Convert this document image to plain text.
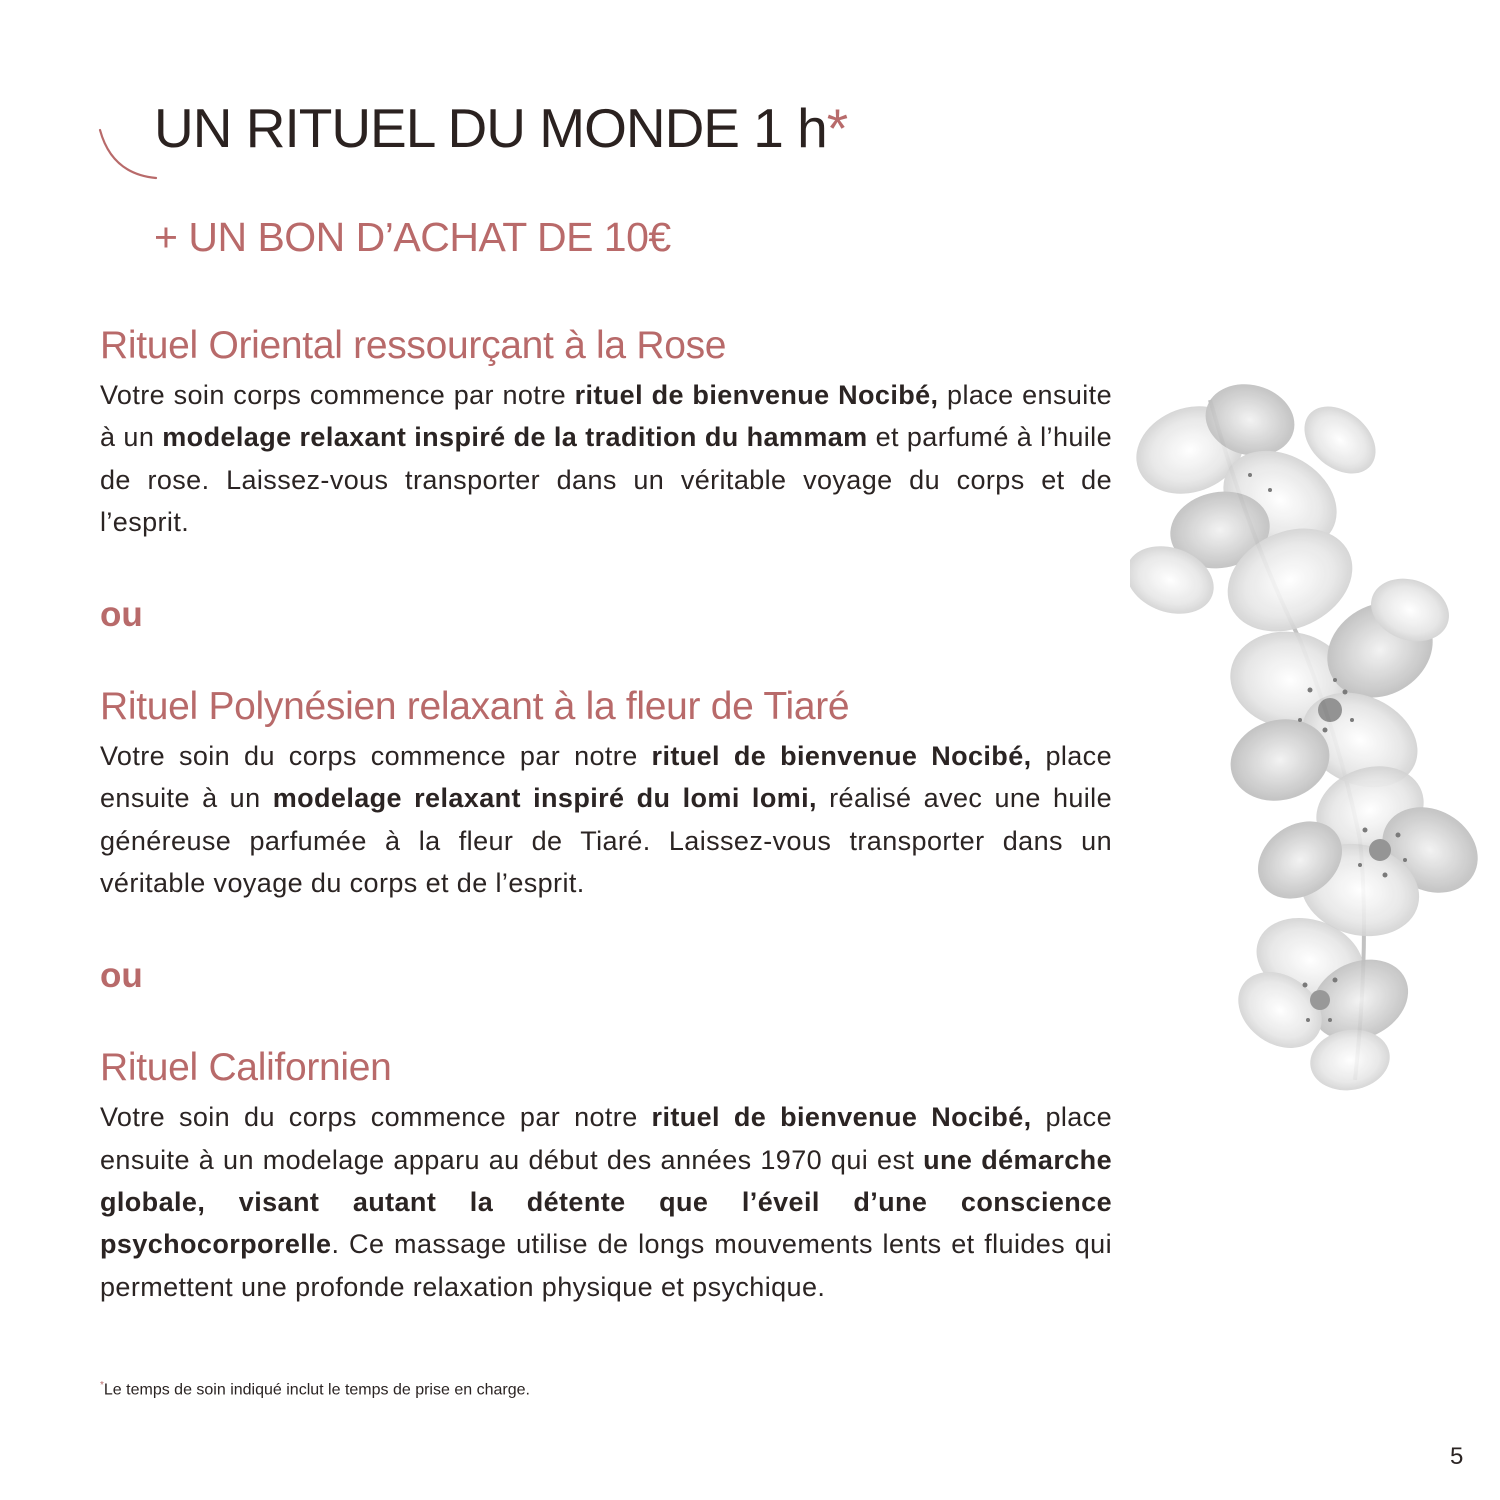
UN RITUEL DU MONDE 1 h*
+ UN BON D’ACHAT DE 10€
Rituel Oriental ressourçant à la Rose

Votre soin corps commence par notre rituel de bienvenue Nocibé, place ensuite à un modelage relaxant inspiré de la tradition du hammam et parfumé à l’huile de rose. Laissez-vous transporter dans un véritable voyage du corps et de l’esprit.

ou
Rituel Polynésien relaxant à la fleur de Tiaré

Votre soin du corps commence par notre rituel de bienvenue Nocibé, place ensuite à un modelage relaxant inspiré du lomi lomi, réalisé avec une huile généreuse parfumée à la fleur de Tiaré. Laissez-vous transporter dans un véritable voyage du corps et de l’esprit.

ou
Rituel Californien

Votre soin du corps commence par notre rituel de bienvenue Nocibé, place ensuite à un modelage apparu au début des années 1970 qui est une démarche globale, visant autant la détente que l’éveil d’une conscience psychocorporelle. Ce massage utilise de longs mouvements lents et fluides qui permettent une profonde relaxation physique et psychique.

*Le temps de soin indiqué inclut le temps de prise en charge.
5
